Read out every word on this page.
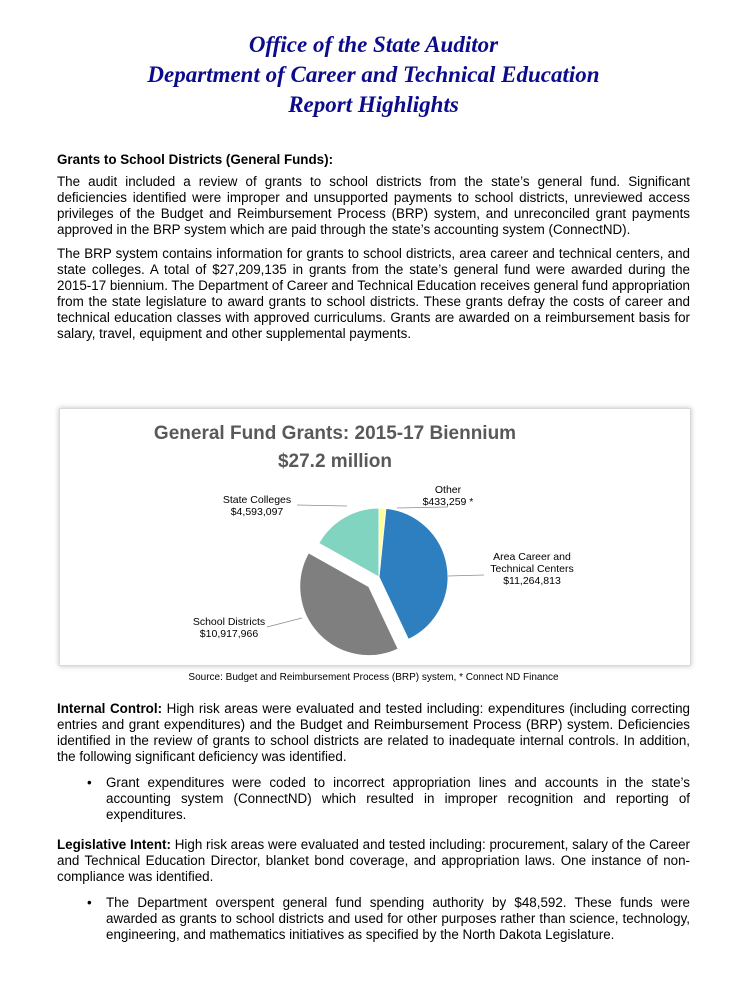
Office of the State Auditor
Department of Career and Technical Education
Report Highlights
Grants to School Districts (General Funds):

The audit included a review of grants to school districts from the state’s general fund. Significant deficiencies identified were improper and unsupported payments to school districts, unreviewed access privileges of the Budget and Reimbursement Process (BRP) system, and unreconciled grant payments approved in the BRP system which are paid through the state’s accounting system (ConnectND).

The BRP system contains information for grants to school districts, area career and technical centers, and state colleges. A total of $27,209,135 in grants from the state’s general fund were awarded during the 2015-17 biennium. The Department of Career and Technical Education receives general fund appropriation from the state legislature to award grants to school districts. These grants defray the costs of career and technical education classes with approved curriculums. Grants are awarded on a reimbursement basis for salary, travel, equipment and other supplemental payments.

General Fund Grants: 2015-17 Biennium
$27.2 million
Other $433,259 *
Area Career and Technical Centers $11,264,813
School Districts $10,917,966
State Colleges $4,593,097
Source: Budget and Reimbursement Process (BRP) system, * Connect ND Finance

Internal Control: High risk areas were evaluated and tested including: expenditures (including correcting entries and grant expenditures) and the Budget and Reimbursement Process (BRP) system. Deficiencies identified in the review of grants to school districts are related to inadequate internal controls. In addition, the following significant deficiency was identified.

• Grant expenditures were coded to incorrect appropriation lines and accounts in the state’s accounting system (ConnectND) which resulted in improper recognition and reporting of expenditures.

Legislative Intent: High risk areas were evaluated and tested including: procurement, salary of the Career and Technical Education Director, blanket bond coverage, and appropriation laws. One instance of non-compliance was identified.

• The Department overspent general fund spending authority by $48,592. These funds were awarded as grants to school districts and used for other purposes rather than science, technology, engineering, and mathematics initiatives as specified by the North Dakota Legislature.
